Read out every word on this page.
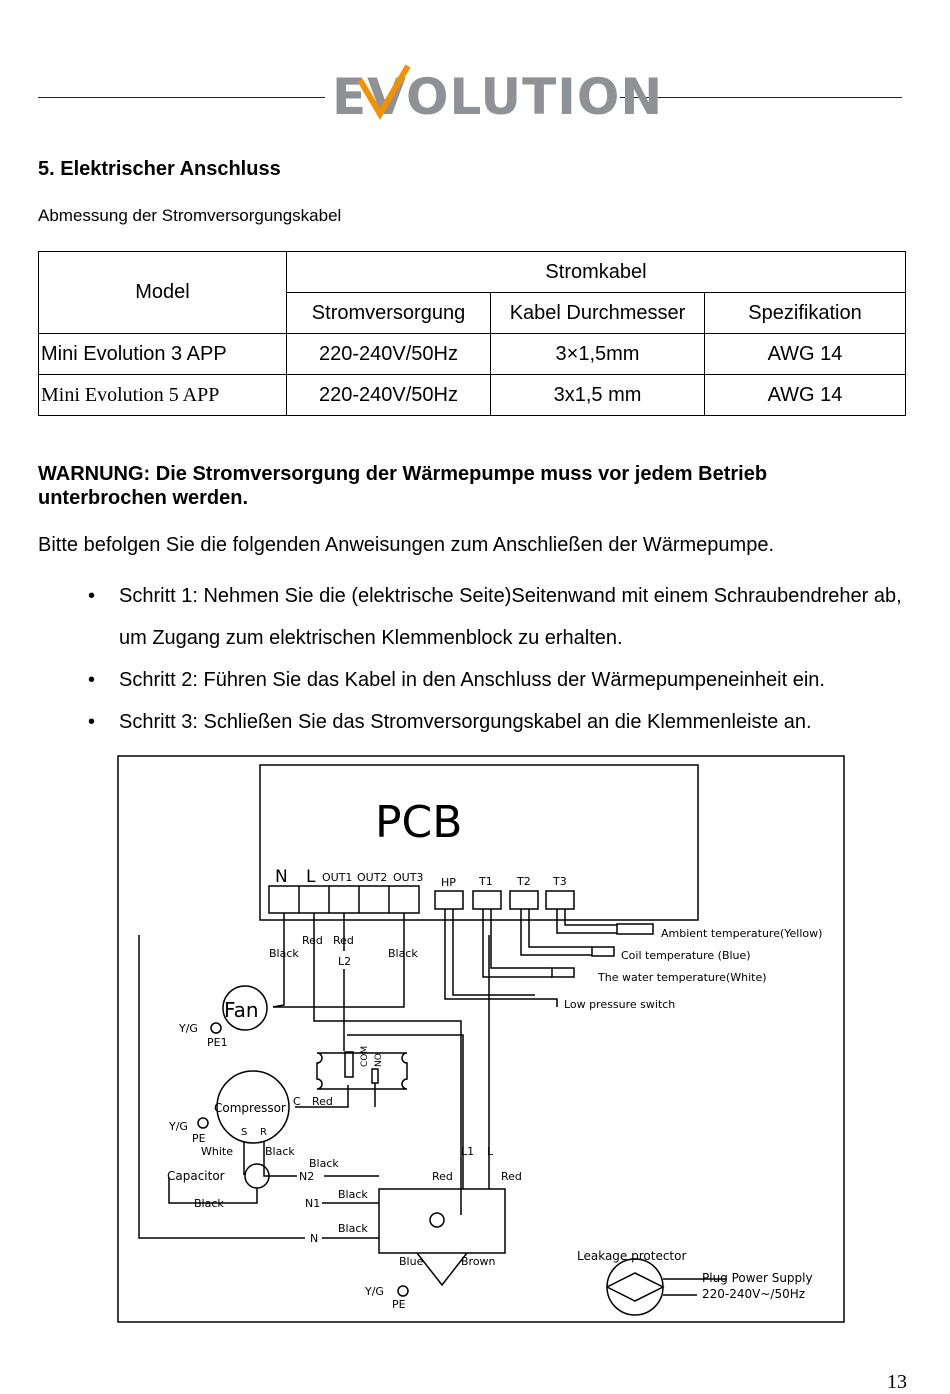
EVOLUTION
5. Elektrischer Anschluss
Abmessung der Stromversorgungskabel
Model	Stromkabel		
	Stromversorgung	Kabel Durchmesser	Spezifikation
Mini Evolution 3 APP	220-240V/50Hz	3×1,5mm	AWG 14
Mini Evolution 5 APP	220-240V/50Hz	3x1,5 mm	AWG 14
WARNUNG: Die Stromversorgung der Wärmepumpe muss vor jedem Betrieb unterbrochen werden.
Bitte befolgen Sie die folgenden Anweisungen zum Anschließen der Wärmepumpe.
• Schritt 1: Nehmen Sie die (elektrische Seite)Seitenwand mit einem Schraubendreher ab, um Zugang zum elektrischen Klemmenblock zu erhalten.
• Schritt 2: Führen Sie das Kabel in den Anschluss der Wärmepumpeneinheit ein.
• Schritt 3: Schließen Sie das Stromversorgungskabel an die Klemmenleiste an.
PCB
N L OUT1 OUT2 OUT3 HP T1 T2 T3
Ambient temperature(Yellow)
Coil temperature (Blue)
The water temperature(White)
Low pressure switch
Red Red
Black	Black
L2
Fan
Y/G
PE1
COM NO
Compressor C Red
S R
Y/G
PE
White	Black
Black
Capacitor	N2
Black	N1
N
Black
Black
L1 L
Red	Red
Blue	Brown
Y/G
PE
Leakage protector
Plug Power Supply
220-240V~/50Hz
13
